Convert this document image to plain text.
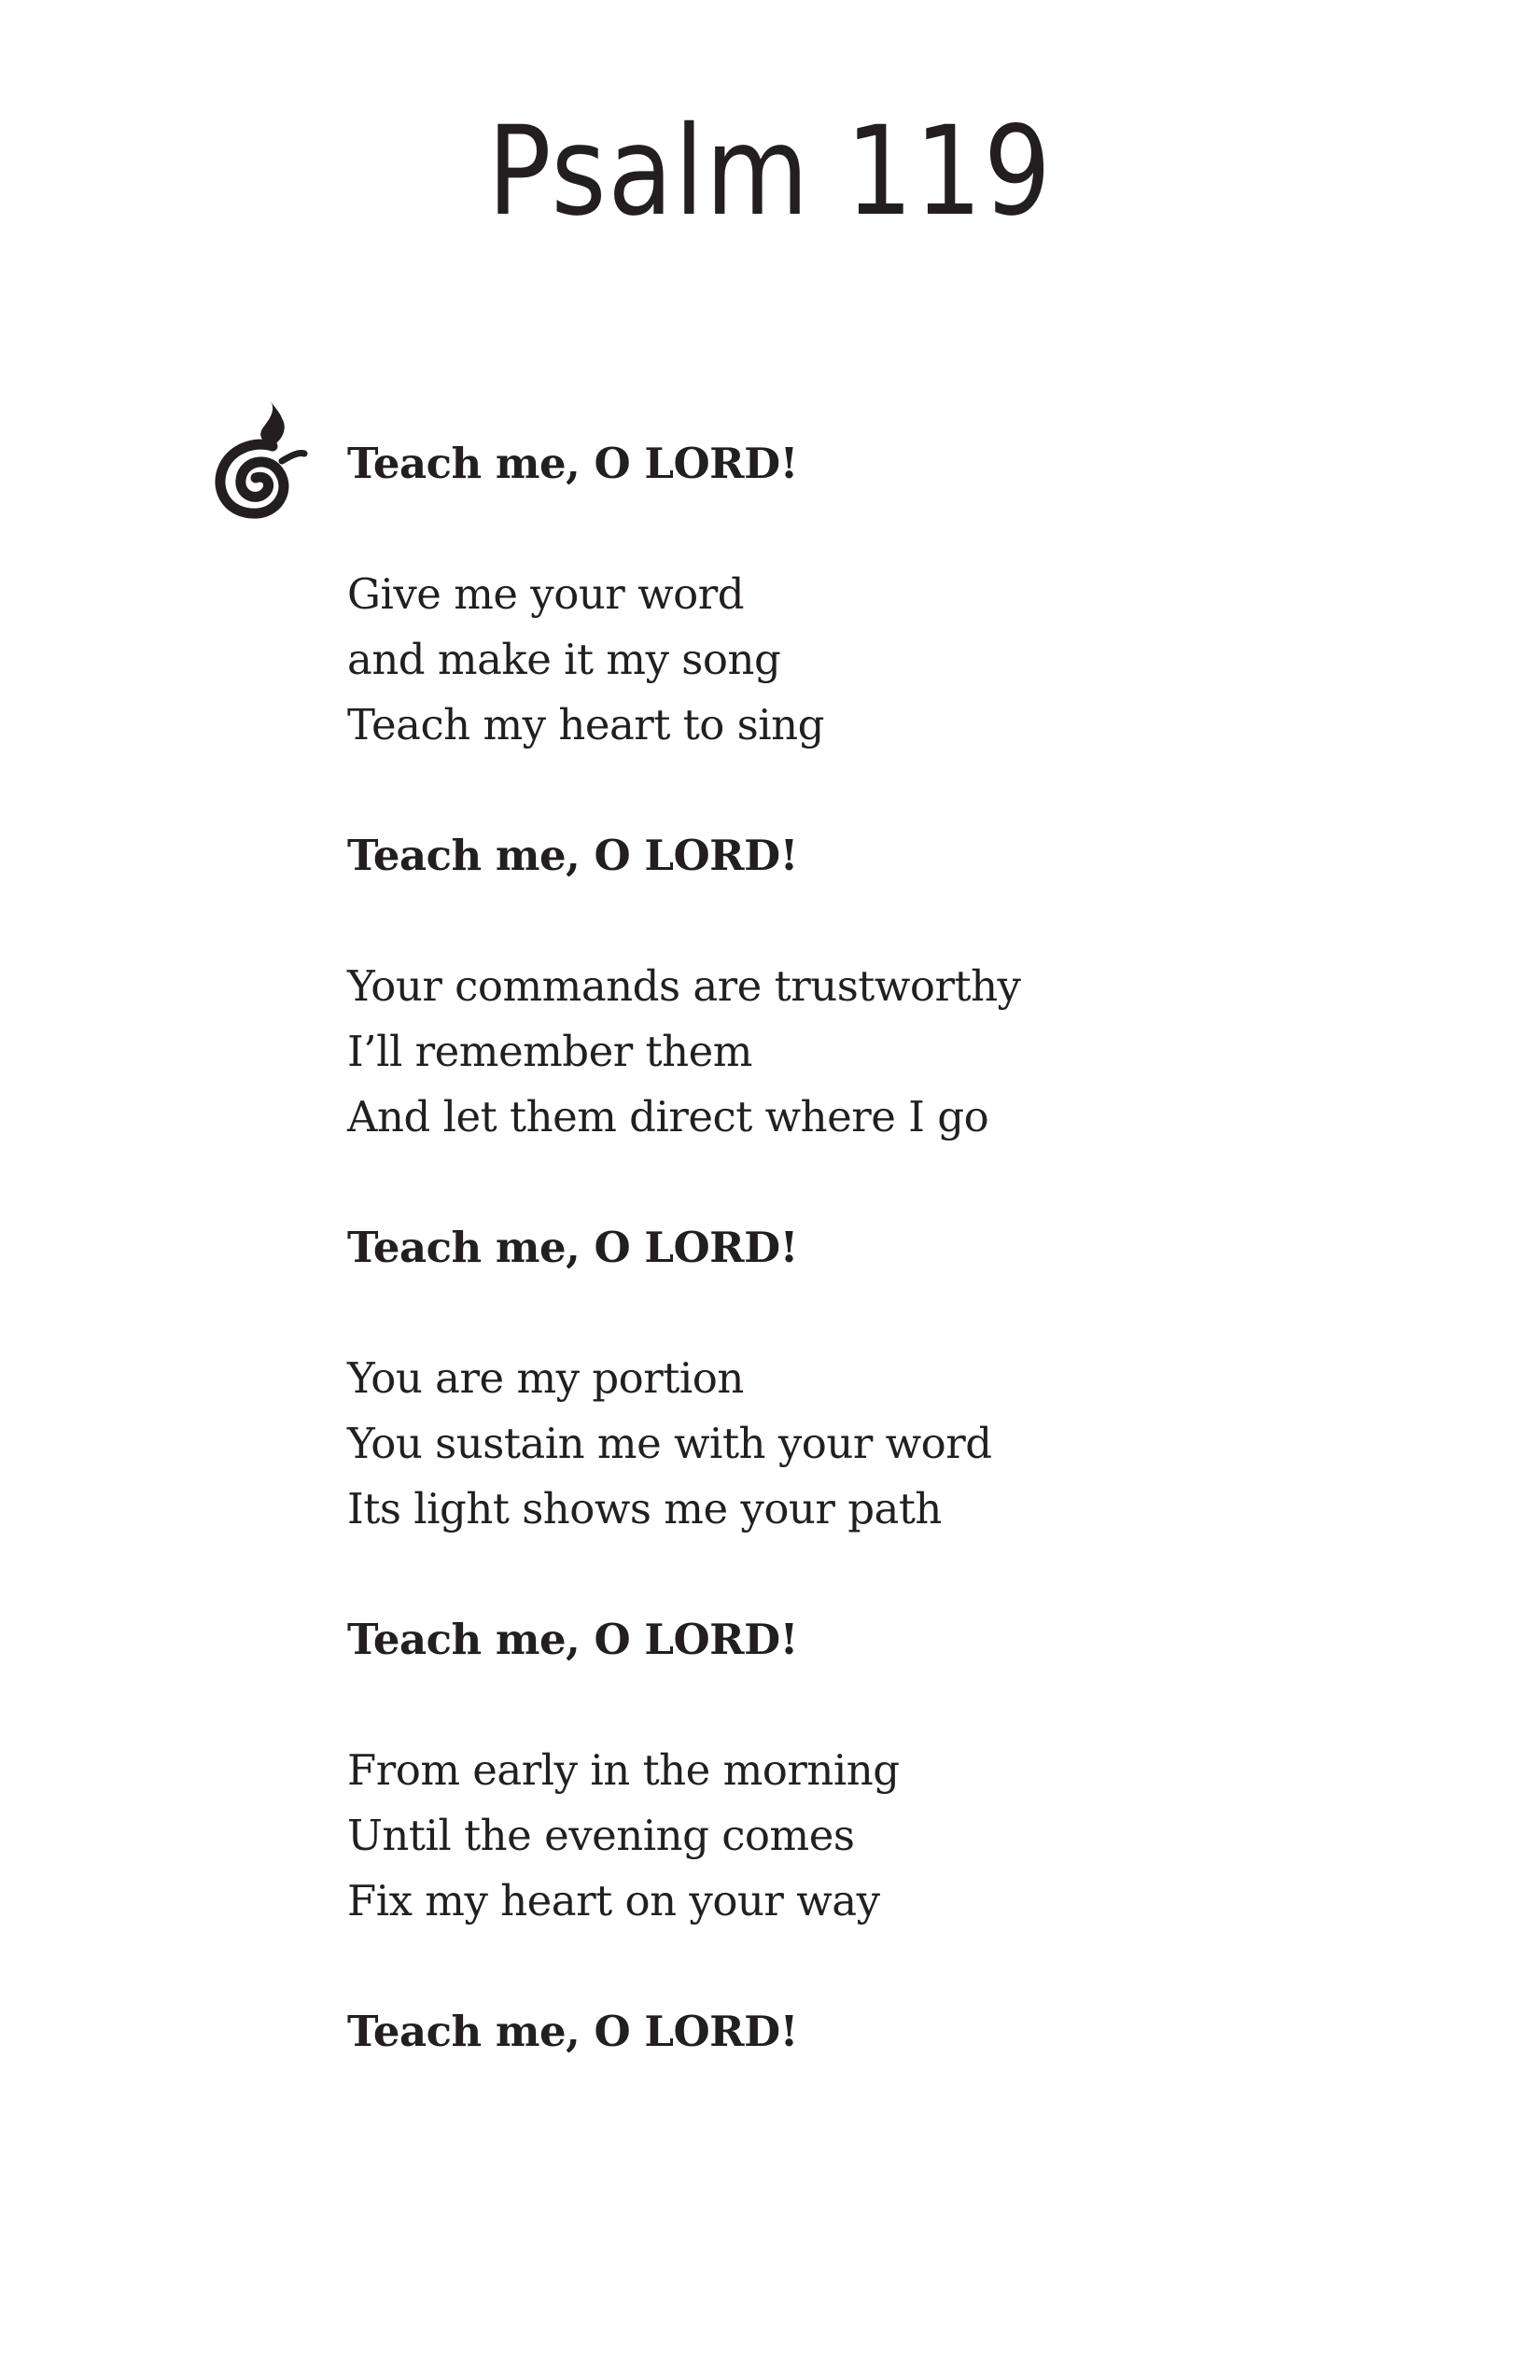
Psalm 119
Teach me, O LORD!
Give me your word
and make it my song
Teach my heart to sing
Teach me, O LORD!
Your commands are trustworthy
I’ll remember them
And let them direct where I go
Teach me, O LORD!
You are my portion
You sustain me with your word
Its light shows me your path
Teach me, O LORD!
From early in the morning
Until the evening comes
Fix my heart on your way
Teach me, O LORD!
